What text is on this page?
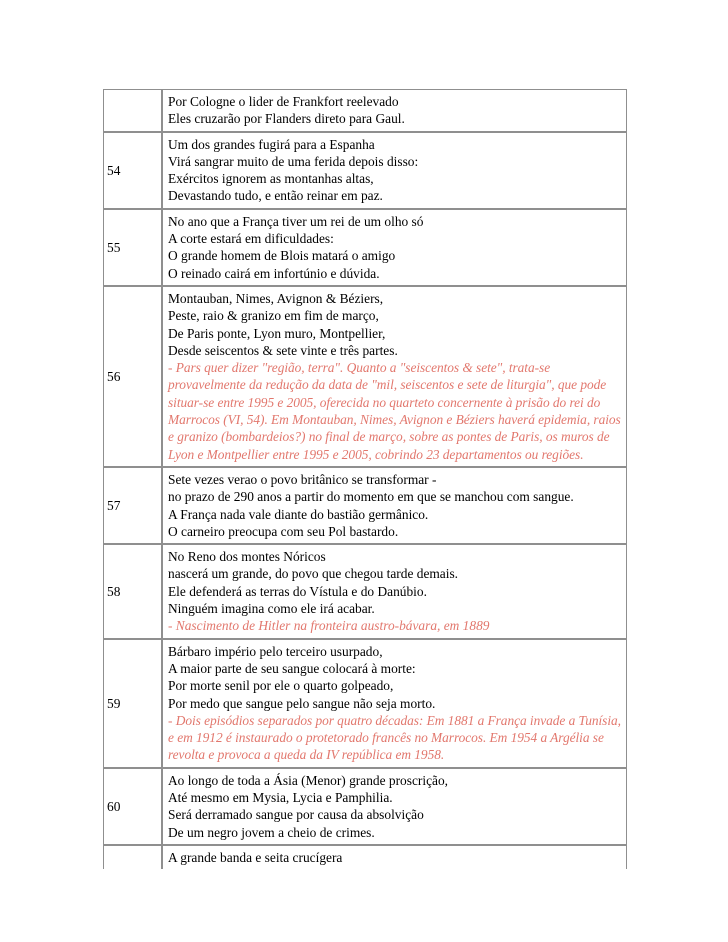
	Por Cologne o lider de Frankfort reelevado
Eles cruzarão por Flanders direto para Gaul.

54	Um dos grandes fugirá para a Espanha
Virá sangrar muito de uma ferida depois disso:
Exércitos ignorem as montanhas altas,
Devastando tudo, e então reinar em paz.

55	No ano que a França tiver um rei de um olho só
A corte estará em dificuldades:
O grande homem de Blois matará o amigo
O reinado cairá em infortúnio e dúvida.

56	Montauban, Nimes, Avignon & Béziers,
Peste, raio & granizo em fim de março,
De Paris ponte, Lyon muro, Montpellier,
Desde seiscentos & sete vinte e três partes.
- Pars quer dizer "região, terra". Quanto a "seiscentos & sete", trata-se provavelmente da redução da data de "mil, seiscentos e sete de liturgia", que pode situar-se entre 1995 e 2005, oferecida no quarteto concernente à prisão do rei do Marrocos (VI, 54). Em Montauban, Nimes, Avignon e Béziers haverá epidemia, raios e granizo (bombardeios?) no final de março, sobre as pontes de Paris, os muros de Lyon e Montpellier entre 1995 e 2005, cobrindo 23 departamentos ou regiões.

57	Sete vezes verao o povo britânico se transformar -
no prazo de 290 anos a partir do momento em que se manchou com sangue.
A França nada vale diante do bastião germânico.
O carneiro preocupa com seu Pol bastardo.

58	No Reno dos montes Nóricos
nascerá um grande, do povo que chegou tarde demais.
Ele defenderá as terras do Vístula e do Danúbio.
Ninguém imagina como ele irá acabar.
- Nascimento de Hitler na fronteira austro-bávara, em 1889

59	Bárbaro império pelo terceiro usurpado,
A maior parte de seu sangue colocará à morte:
Por morte senil por ele o quarto golpeado,
Por medo que sangue pelo sangue não seja morto.
- Dois episódios separados por quatro décadas: Em 1881 a França invade a Tunísia, e em 1912 é instaurado o protetorado francês no Marrocos. Em 1954 a Argélia se revolta e provoca a queda da IV república em 1958.

60	Ao longo de toda a Ásia (Menor) grande proscrição,
Até mesmo em Mysia, Lycia e Pamphilia.
Será derramado sangue por causa da absolvição
De um negro jovem a cheio de crimes.

	A grande banda e seita crucígera
